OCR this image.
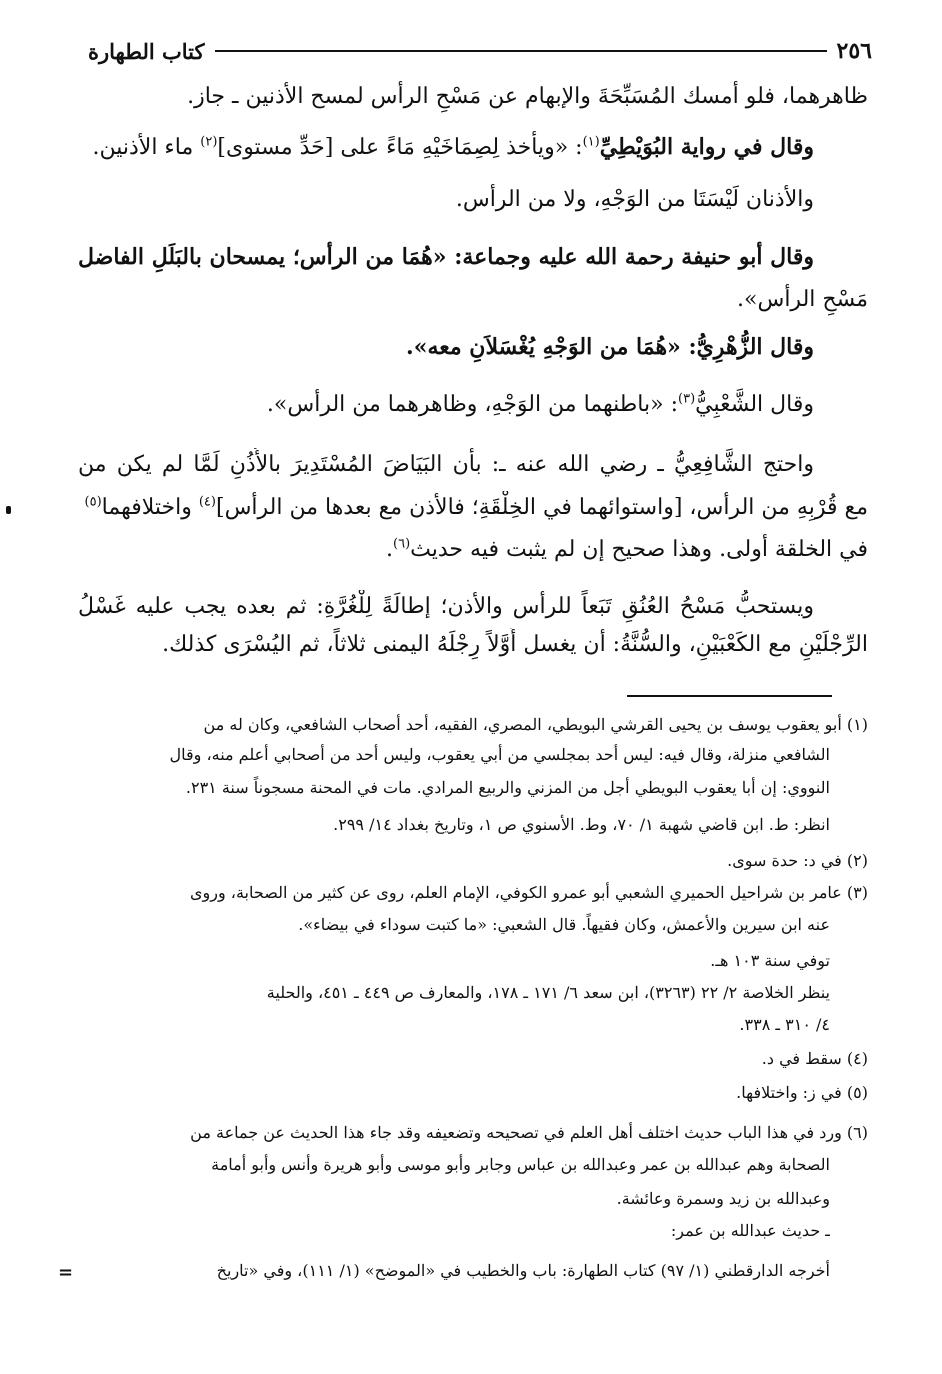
٢٥٦
كتاب الطهارة
ظاهرهما، فلو أمسك المُسَبِّحَةَ والإبهام عن مَسْحِ الرأس لمسح الأذنين ـ جاز.
وقال في رواية البُوَيْطِيِّ$^{(١)}$: «ويأخذ لِصِمَاخَيْهِ مَاءً على [حَدِّ مستوى]$^{(٢)}$ ماء الأذنين.
والأذنان لَيْسَتَا من الوَجْهِ، ولا من الرأس.
وقال أبو حنيفة رحمة الله عليه وجماعة: «هُمَا من الرأس؛ يمسحان بالبَلَلِ الفاضل
مَسْحِ الرأس».
وقال الزُّهْرِيُّ: «هُمَا من الوَجْهِ يُغْسَلاَنِ معه».
وقال الشَّعْبِيُّ$^{(٣)}$: «باطنهما من الوَجْهِ، وظاهرهما من الرأس».
واحتج الشَّافِعِيُّ ـ رضي الله عنه ـ: بأن البَيَاضَ المُسْتَدِيرَ بالأُذُنِ لَمَّا لم يكن من
مع قُرْبِهِ من الرأس، [واستوائهما في الخِلْقَةِ؛ فالأذن مع بعدها من الرأس]$^{(٤)}$ واختلافهما$^{(٥)}$
في الخلقة أولى. وهذا صحيح إن لم يثبت فيه حديث$^{(٦)}$.
ويستحبُّ مَسْحُ العُنُقِ تَبَعاً للرأس والأذن؛ إطالَةً لِلْغُرَّةِ: ثم بعده يجب عليه غَسْلُ
الرِّجْلَيْنِ مع الكَعْبَيْنِ، والسُّنَّةُ: أن يغسل أَوَّلاً رِجْلَهُ اليمنى ثلاثاً، ثم اليُسْرَى كذلك.
(١) أبو يعقوب يوسف بن يحيى القرشي البويطي، المصري، الفقيه، أحد أصحاب الشافعي، وكان له من
الشافعي منزلة، وقال فيه: ليس أحد بمجلسي من أبي يعقوب، وليس أحد من أصحابي أعلم منه، وقال
النووي: إن أبا يعقوب البويطي أجل من المزني والربيع المرادي. مات في المحنة مسجوناً سنة ٢٣١.
انظر: ط. ابن قاضي شهبة ١/ ٧٠، وط. الأسنوي ص ١، وتاريخ بغداد ١٤/ ٢٩٩.
(٢) في د: حدة سوى.
(٣) عامر بن شراحيل الحميري الشعبي أبو عمرو الكوفي، الإمام العلم، روى عن كثير من الصحابة، وروى
عنه ابن سيرين والأعمش، وكان فقيهاً. قال الشعبي: «ما كتبت سوداء في بيضاء».
توفي سنة ١٠٣ هـ.
ينظر الخلاصة ٢/ ٢٢ (٣٢٦٣)، ابن سعد ٦/ ١٧١ ـ ١٧٨، والمعارف ص ٤٤٩ ـ ٤٥١، والحلية
٤/ ٣١٠ ـ ٣٣٨.
(٤) سقط في د.
(٥) في ز: واختلافها.
(٦) ورد في هذا الباب حديث اختلف أهل العلم في تصحيحه وتضعيفه وقد جاء هذا الحديث عن جماعة من
الصحابة وهم عبدالله بن عمر وعبدالله بن عباس وجابر وأبو موسى وأبو هريرة وأنس وأبو أمامة
وعبدالله بن زيد وسمرة وعائشة.
ـ حديث عبدالله بن عمر:
أخرجه الدارقطني (١/ ٩٧) كتاب الطهارة: باب والخطيب في «الموضح» (١/ ١١١)، وفي «تاريخ
=
